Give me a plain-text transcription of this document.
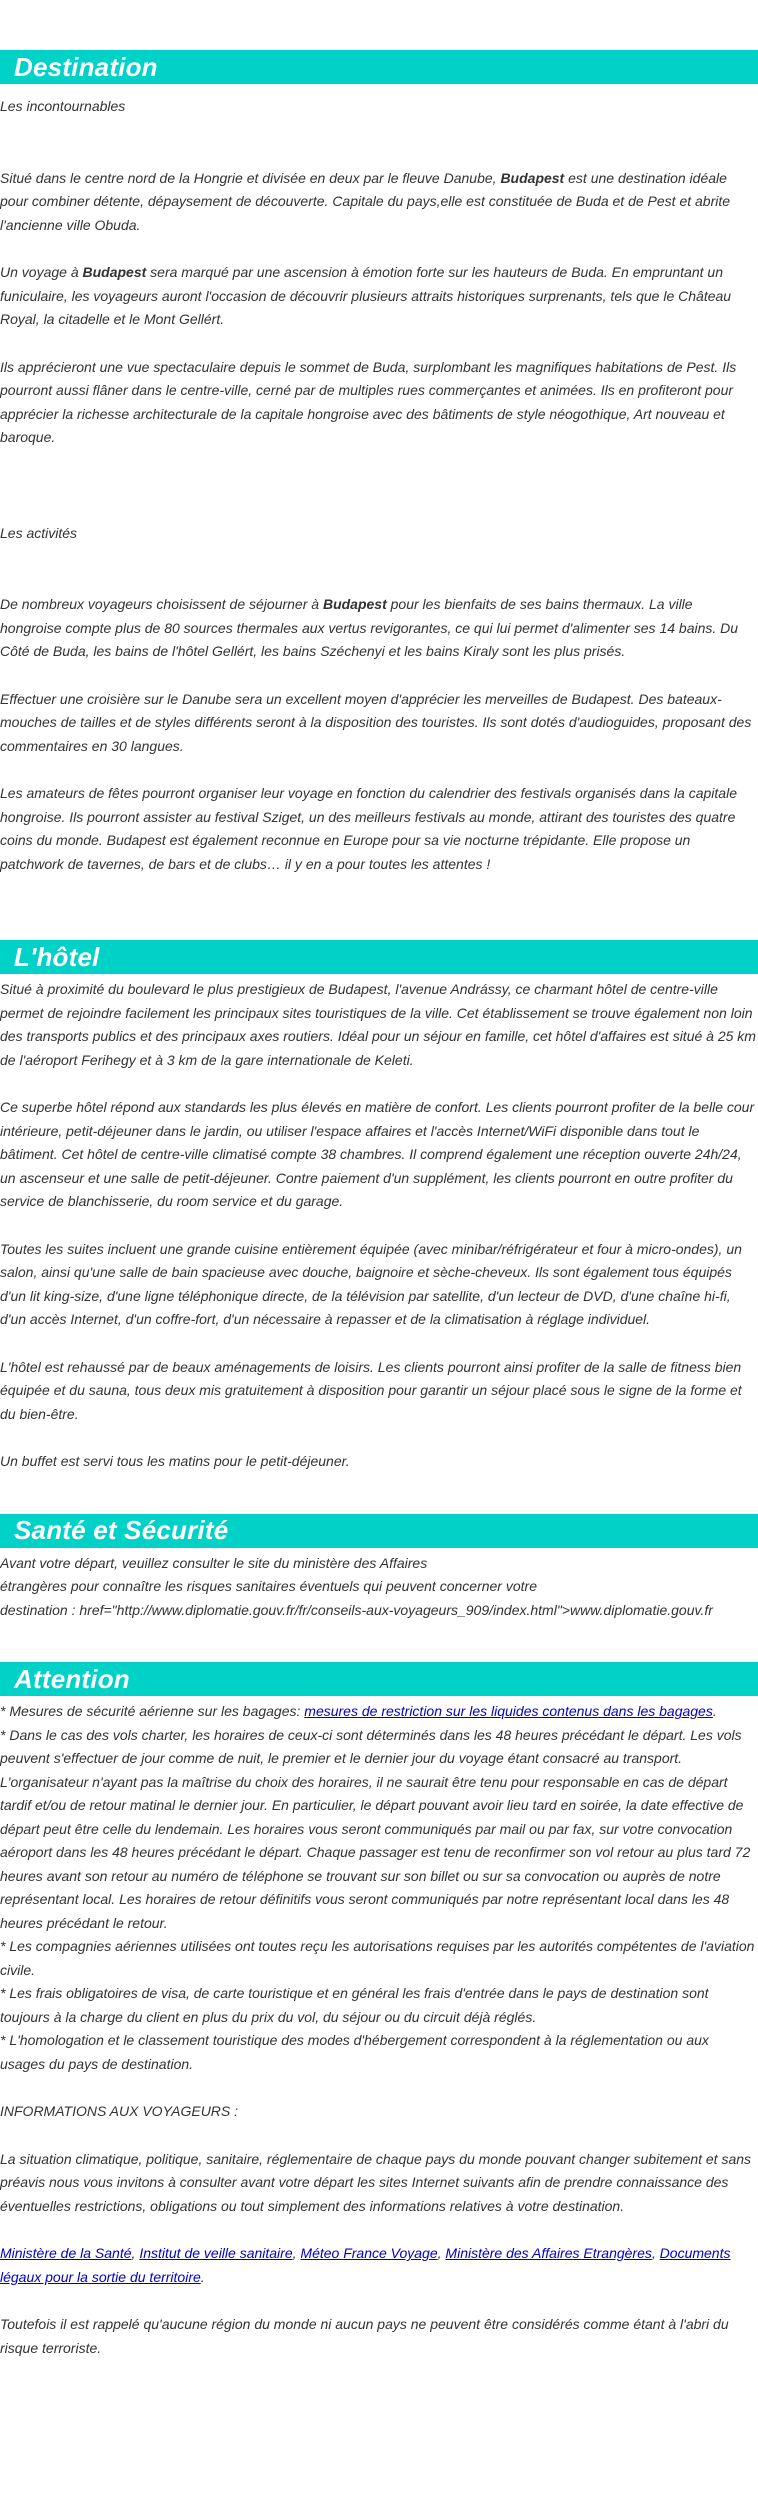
Destination

Les incontournables

Situé dans le centre nord de la Hongrie et divisée en deux par le fleuve Danube, Budapest est une destination idéale pour combiner détente, dépaysement de découverte. Capitale du pays,elle est constituée de Buda et de Pest et abrite l'ancienne ville Obuda.

Un voyage à Budapest sera marqué par une ascension à émotion forte sur les hauteurs de Buda. En empruntant un funiculaire, les voyageurs auront l'occasion de découvrir plusieurs attraits historiques surprenants, tels que le Château Royal, la citadelle et le Mont Gellért.

Ils apprécieront une vue spectaculaire depuis le sommet de Buda, surplombant les magnifiques habitations de Pest. Ils pourront aussi flâner dans le centre-ville, cerné par de multiples rues commerçantes et animées. Ils en profiteront pour apprécier la richesse architecturale de la capitale hongroise avec des bâtiments de style néogothique, Art nouveau et baroque.

Les activités

De nombreux voyageurs choisissent de séjourner à Budapest pour les bienfaits de ses bains thermaux. La ville hongroise compte plus de 80 sources thermales aux vertus revigorantes, ce qui lui permet d'alimenter ses 14 bains. Du Côté de Buda, les bains de l'hôtel Gellért, les bains Széchenyi et les bains Kiraly sont les plus prisés.

Effectuer une croisière sur le Danube sera un excellent moyen d'apprécier les merveilles de Budapest. Des bateaux-mouches de tailles et de styles différents seront à la disposition des touristes. Ils sont dotés d'audioguides, proposant des commentaires en 30 langues.

Les amateurs de fêtes pourront organiser leur voyage en fonction du calendrier des festivals organisés dans la capitale hongroise. Ils pourront assister au festival Sziget, un des meilleurs festivals au monde, attirant des touristes des quatre coins du monde. Budapest est également reconnue en Europe pour sa vie nocturne trépidante. Elle propose un patchwork de tavernes, de bars et de clubs… il y en a pour toutes les attentes !

L'hôtel

Situé à proximité du boulevard le plus prestigieux de Budapest, l'avenue Andrássy, ce charmant hôtel de centre-ville permet de rejoindre facilement les principaux sites touristiques de la ville. Cet établissement se trouve également non loin des transports publics et des principaux axes routiers. Idéal pour un séjour en famille, cet hôtel d'affaires est situé à 25 km de l'aéroport Ferihegy et à 3 km de la gare internationale de Keleti.

Ce superbe hôtel répond aux standards les plus élevés en matière de confort. Les clients pourront profiter de la belle cour intérieure, petit-déjeuner dans le jardin, ou utiliser l'espace affaires et l'accès Internet/WiFi disponible dans tout le bâtiment. Cet hôtel de centre-ville climatisé compte 38 chambres. Il comprend également une réception ouverte 24h/24, un ascenseur et une salle de petit-déjeuner. Contre paiement d'un supplément, les clients pourront en outre profiter du service de blanchisserie, du room service et du garage.

Toutes les suites incluent une grande cuisine entièrement équipée (avec minibar/réfrigérateur et four à micro-ondes), un salon, ainsi qu'une salle de bain spacieuse avec douche, baignoire et sèche-cheveux. Ils sont également tous équipés d'un lit king-size, d'une ligne téléphonique directe, de la télévision par satellite, d'un lecteur de DVD, d'une chaîne hi-fi, d'un accès Internet, d'un coffre-fort, d'un nécessaire à repasser et de la climatisation à réglage individuel.

L'hôtel est rehaussé par de beaux aménagements de loisirs. Les clients pourront ainsi profiter de la salle de fitness bien équipée et du sauna, tous deux mis gratuitement à disposition pour garantir un séjour placé sous le signe de la forme et du bien-être.

Un buffet est servi tous les matins pour le petit-déjeuner.

Santé et Sécurité

Avant votre départ, veuillez consulter le site du ministère des Affaires

étrangères pour connaître les risques sanitaires éventuels qui peuvent concerner votre

destination : href="http://www.diplomatie.gouv.fr/fr/conseils-aux-voyageurs_909/index.html">www.diplomatie.gouv.fr

Attention

* Mesures de sécurité aérienne sur les bagages: mesures de restriction sur les liquides contenus dans les bagages.

* Dans le cas des vols charter, les horaires de ceux-ci sont déterminés dans les 48 heures précédant le départ. Les vols peuvent s'effectuer de jour comme de nuit, le premier et le dernier jour du voyage étant consacré au transport. L'organisateur n'ayant pas la maîtrise du choix des horaires, il ne saurait être tenu pour responsable en cas de départ tardif et/ou de retour matinal le dernier jour. En particulier, le départ pouvant avoir lieu tard en soirée, la date effective de départ peut être celle du lendemain. Les horaires vous seront communiqués par mail ou par fax, sur votre convocation aéroport dans les 48 heures précédant le départ. Chaque passager est tenu de reconfirmer son vol retour au plus tard 72 heures avant son retour au numéro de téléphone se trouvant sur son billet ou sur sa convocation ou auprès de notre représentant local. Les horaires de retour définitifs vous seront communiqués par notre représentant local dans les 48 heures précédant le retour.

* Les compagnies aériennes utilisées ont toutes reçu les autorisations requises par les autorités compétentes de l'aviation civile.

* Les frais obligatoires de visa, de carte touristique et en général les frais d'entrée dans le pays de destination sont toujours à la charge du client en plus du prix du vol, du séjour ou du circuit déjà réglés.

* L'homologation et le classement touristique des modes d'hébergement correspondent à la réglementation ou aux usages du pays de destination.

INFORMATIONS AUX VOYAGEURS :

La situation climatique, politique, sanitaire, réglementaire de chaque pays du monde pouvant changer subitement et sans préavis nous vous invitons à consulter avant votre départ les sites Internet suivants afin de prendre connaissance des éventuelles restrictions, obligations ou tout simplement des informations relatives à votre destination.

Ministère de la Santé, Institut de veille sanitaire, Méteo France Voyage, Ministère des Affaires Etrangères, Documents légaux pour la sortie du territoire.

Toutefois il est rappelé qu'aucune région du monde ni aucun pays ne peuvent être considérés comme étant à l'abri du risque terroriste.
